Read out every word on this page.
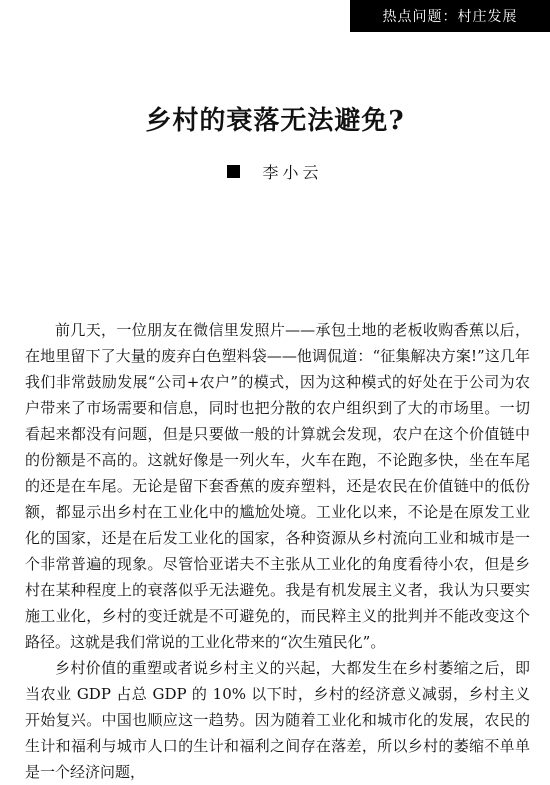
热点问题：村庄发展
乡村的衰落无法避免?
李小云

前几天，一位朋友在微信里发照片——承包土地的老板收购香蕉以后，在地里留下了大量的废弃白色塑料袋——他调侃道：“征集解决方案!”这几年我们非常鼓励发展“公司+农户”的模式，因为这种模式的好处在于公司为农户带来了市场需要和信息，同时也把分散的农户组织到了大的市场里。一切看起来都没有问题，但是只要做一般的计算就会发现，农户在这个价值链中的份额是不高的。这就好像是一列火车，火车在跑，不论跑多快，坐在车尾的还是在车尾。无论是留下套香蕉的废弃塑料，还是农民在价值链中的低份额，都显示出乡村在工业化中的尴尬处境。工业化以来，不论是在原发工业化的国家，还是在后发工业化的国家，各种资源从乡村流向工业和城市是一个非常普遍的现象。尽管恰亚诺夫不主张从工业化的角度看待小农，但是乡村在某种程度上的衰落似乎无法避免。我是有机发展主义者，我认为只要实施工业化，乡村的变迁就是不可避免的，而民粹主义的批判并不能改变这个路径。这就是我们常说的工业化带来的“次生殖民化”。

乡村价值的重塑或者说乡村主义的兴起，大都发生在乡村萎缩之后，即当农业 GDP 占总 GDP 的 10% 以下时，乡村的经济意义减弱，乡村主义开始复兴。中国也顺应这一趋势。因为随着工业化和城市化的发展，农民的生计和福利与城市人口的生计和福利之间存在落差，所以乡村的萎缩不单单是一个经济问题，
